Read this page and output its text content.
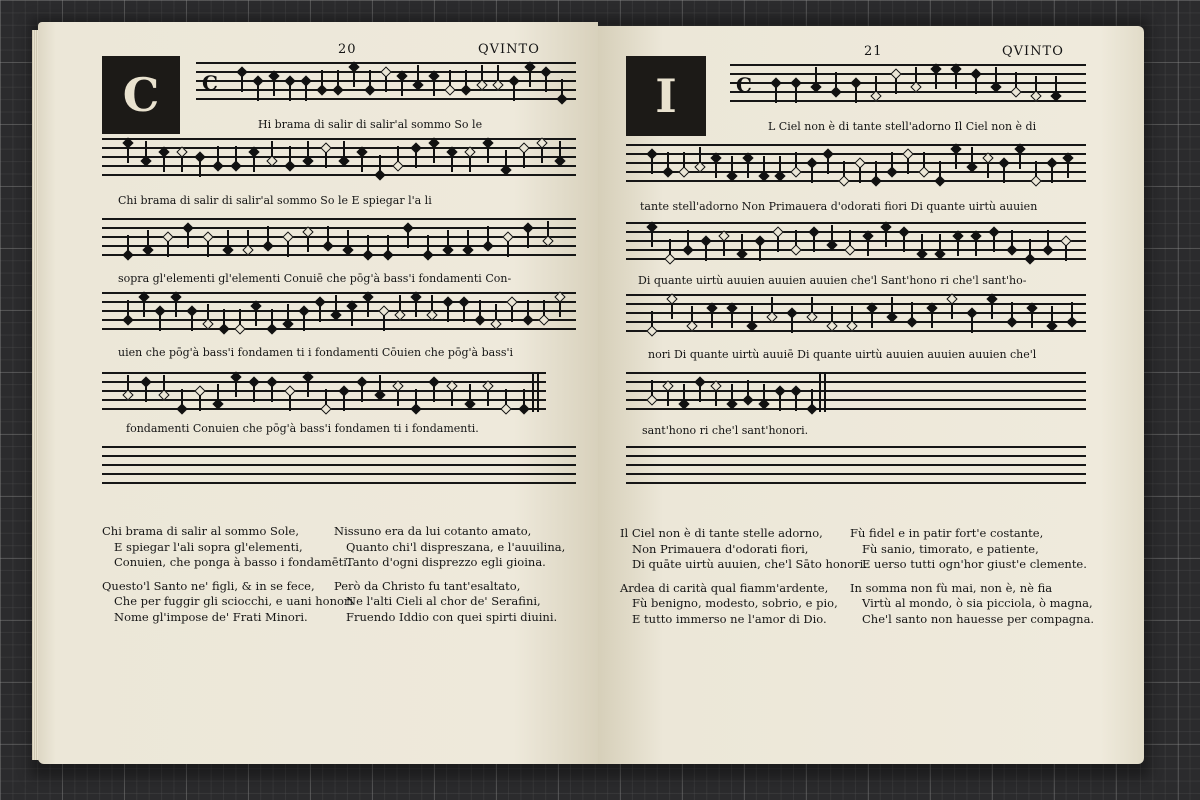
20	QVINTO
C C
Hi brama di salir di salir'al sommo So le
Chi brama di salir di salir'al sommo So le E spiegar l'a li
sopra gl'elementi gl'elementi Conuiē che pōg'à bass'i fondamenti Con-
uien che pōg'à bass'i fondamen ti i fondamenti Cōuien che pōg'à bass'i
fondamenti Conuien che pōg'à bass'i fondamen ti i fondamenti.
Chi brama di salir al sommo Sole,
E spiegar l'ali sopra gl'elementi,
Conuien, che ponga à basso i fondamēti.
Questo'l Santo ne' figli, & in se fece,
Che per fuggir gli sciocchi, e uani honori
Nome gl'impose de' Frati Minori.
Nissuno era da lui cotanto amato,
Quanto chi'l dispreszana, e l'auuilina,
Tanto d'ogni disprezzo egli gioina.
Però da Christo fu tant'esaltato,
Ne l'alti Cieli al chor de' Serafini,
Fruendo Iddio con quei spirti diuini.
21	QVINTO
I	C
L Ciel non è di tante stell'adorno Il Ciel non è di
tante stell'adorno Non Primauera d'odorati fiori Di quante uirtù auuien
Di quante uirtù auuien auuien auuien che'l Sant'hono ri che'l sant'ho-
nori Di quante uirtù auuiē Di quante uirtù auuien auuien auuien che'l
sant'hono ri che'l sant'honori.
Il Ciel non è di tante stelle adorno,
Non Primauera d'odorati fiori,
Di quāte uirtù auuien, che'l Sāto honori.
Ardea di carità qual fiamm'ardente,
Fù benigno, modesto, sobrio, e pio,
E tutto immerso ne l'amor di Dio.
Fù fidel e in patir fort'e costante,
Fù sanio, timorato, e patiente,
E uerso tutti ogn'hor giust'e clemente.
In somma non fù mai, non è, nè fia
Virtù al mondo, ò sia picciola, ò magna,
Che'l santo non hauesse per compagna.
